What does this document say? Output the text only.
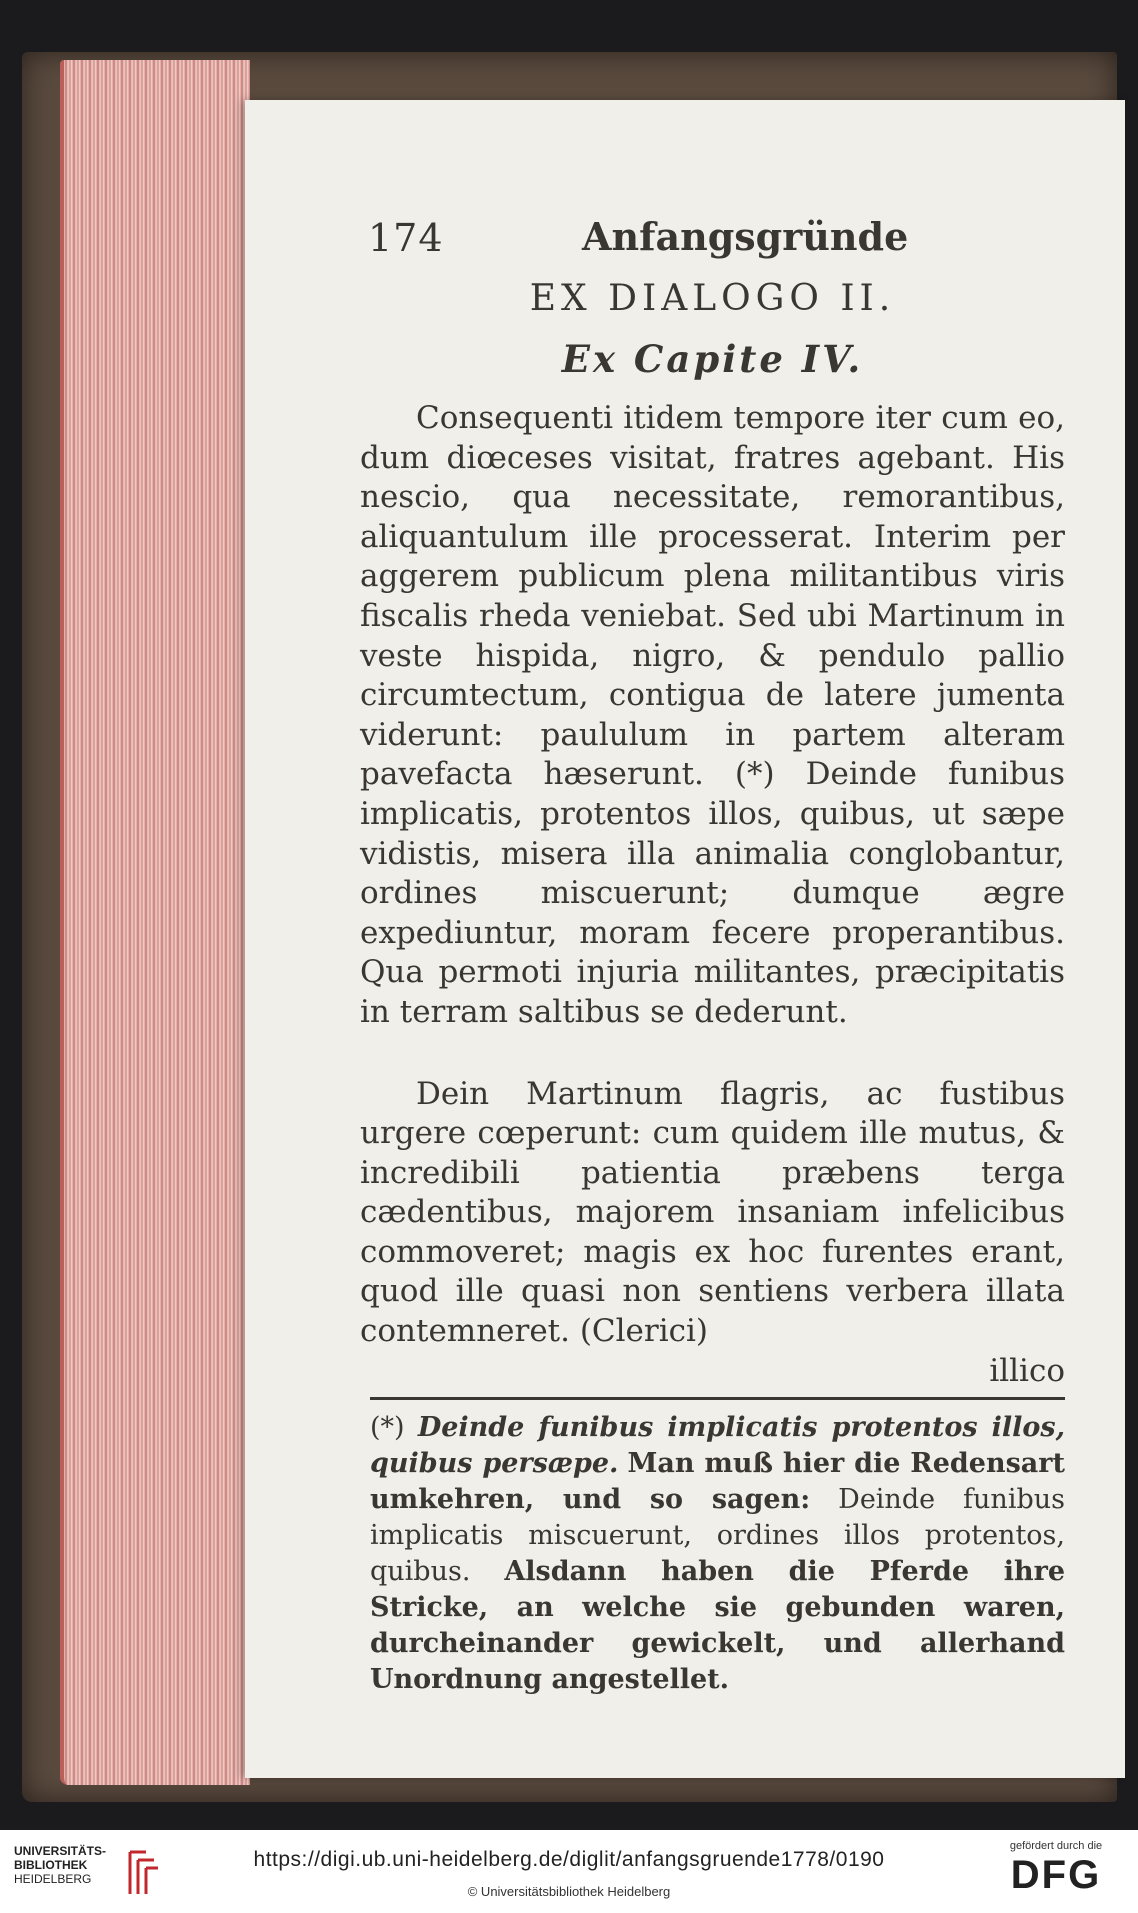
174	Anfangsgründe
EX DIALOGO II.
Ex Capite IV.

Consequenti itidem tempore iter cum eo, dum diœceses visitat, fratres agebant. His nescio, qua necessitate, remorantibus, aliquantulum ille processerat. Interim per aggerem publicum plena militantibus viris fiscalis rheda veniebat. Sed ubi Martinum in veste hispida, nigro, & pendulo pallio circumtectum, contigua de latere jumenta viderunt: paululum in partem alteram pavefacta hæserunt. (*) Deinde funibus implicatis, protentos illos, quibus, ut sæpe vidistis, misera illa animalia conglobantur, ordines miscuerunt; dumque ægre expediuntur, moram fecere properantibus. Qua permoti injuria militantes, præcipitatis in terram saltibus se dederunt.

Dein Martinum flagris, ac fustibus urgere cœperunt: cum quidem ille mutus, & incredibili patientia præbens terga cædentibus, majorem insaniam infelicibus commoveret; magis ex hoc furentes erant, quod ille quasi non sentiens verbera illata contemneret. (Clerici)

illico
(*) Deinde funibus implicatis protentos illos, quibus persæpe. Man muß hier die Redensart umkehren, und so sagen: Deinde funibus implicatis miscuerunt, ordines illos protentos, quibus. Alsdann haben die Pferde ihre Stricke, an welche sie gebunden waren, durcheinander gewickelt, und allerhand Unordnung angestellet.
UNIVERSITÄTS-
BIBLIOTHEK
HEIDELBERG
https://digi.ub.uni-heidelberg.de/diglit/anfangsgruende1778/0190
© Universitätsbibliothek Heidelberg
gefördert durch die
DFG
